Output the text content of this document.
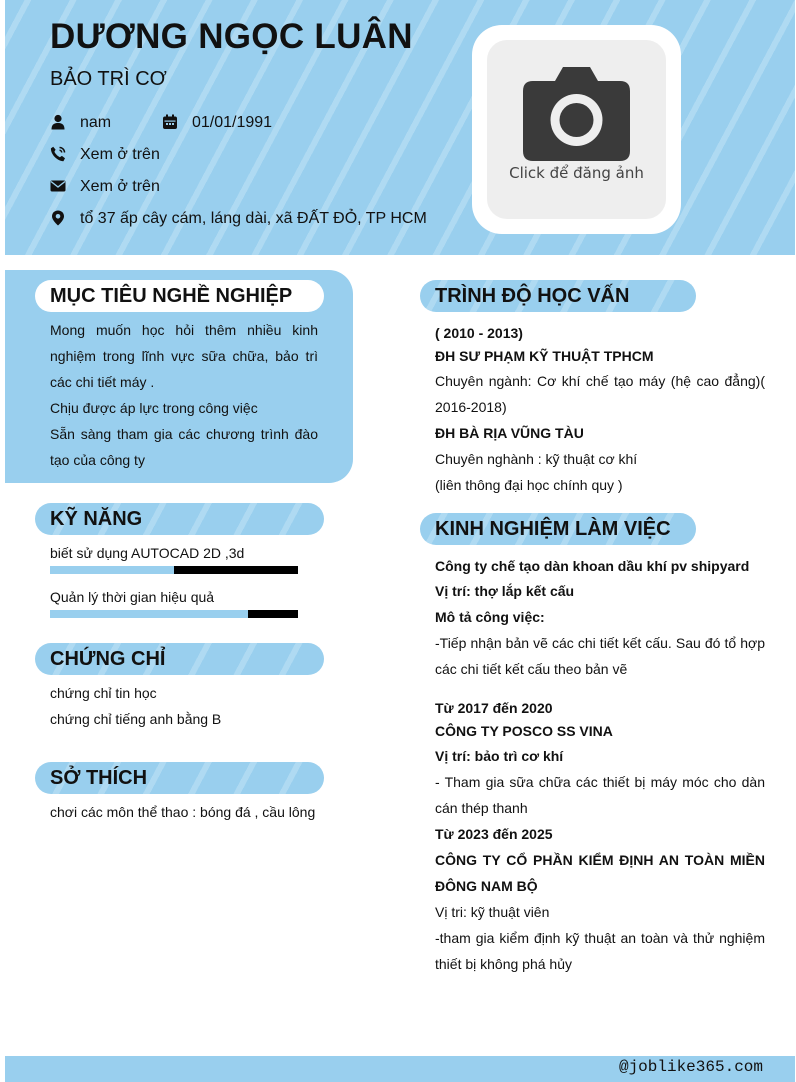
DƯƠNG NGỌC LUÂN
BẢO TRÌ CƠ
nam	01/01/1991
Xem ở trên
Xem ở trên
tổ 37 ấp cây cám, láng dài, xã ĐẤT ĐỎ, TP HCM
Click để đăng ảnh
MỤC TIÊU NGHỀ NGHIỆP
Mong muốn học hỏi thêm nhiều kinh nghiệm trong lĩnh vực sữa chữa, bảo trì các chi tiết máy .
Chịu được áp lực trong công việc
Sẵn sàng tham gia các chương trình đào tạo của công ty
KỸ NĂNG
biết sử dụng AUTOCAD 2D ,3d
Quản lý thời gian hiệu quả
CHỨNG CHỈ
chứng chỉ tin học
chứng chỉ tiếng anh bằng B
SỞ THÍCH
chơi các môn thể thao : bóng đá , cầu lông
TRÌNH ĐỘ HỌC VẤN
( 2010 - 2013)
ĐH SƯ PHẠM KỸ THUẬT TPHCM
Chuyên ngành: Cơ khí chế tạo máy (hệ cao đẳng)( 2016-2018)
ĐH BÀ RỊA VŨNG TÀU
Chuyên nghành : kỹ thuật cơ khí
(liên thông đại học chính quy )
KINH NGHIỆM LÀM VIỆC
Công ty chế tạo dàn khoan dầu khí pv shipyard
Vị trí: thợ lắp kết cấu
Mô tả công việc:
-Tiếp nhận bản vẽ các chi tiết kết cấu. Sau đó tổ hợp các chi tiết kết cấu theo bản vẽ
Từ 2017 đến 2020
CÔNG TY POSCO SS VINA
Vị trí: bảo trì cơ khí
- Tham gia sữa chữa các thiết bị máy móc cho dàn cán thép thanh
Từ 2023 đến 2025
CÔNG TY CỔ PHẦN KIỂM ĐỊNH AN TOÀN MIỀN ĐÔNG NAM BỘ
Vị tri: kỹ thuật viên
-tham gia kiểm định kỹ thuật an toàn và thử nghiệm thiết bị không phá hủy
@joblike365.com
